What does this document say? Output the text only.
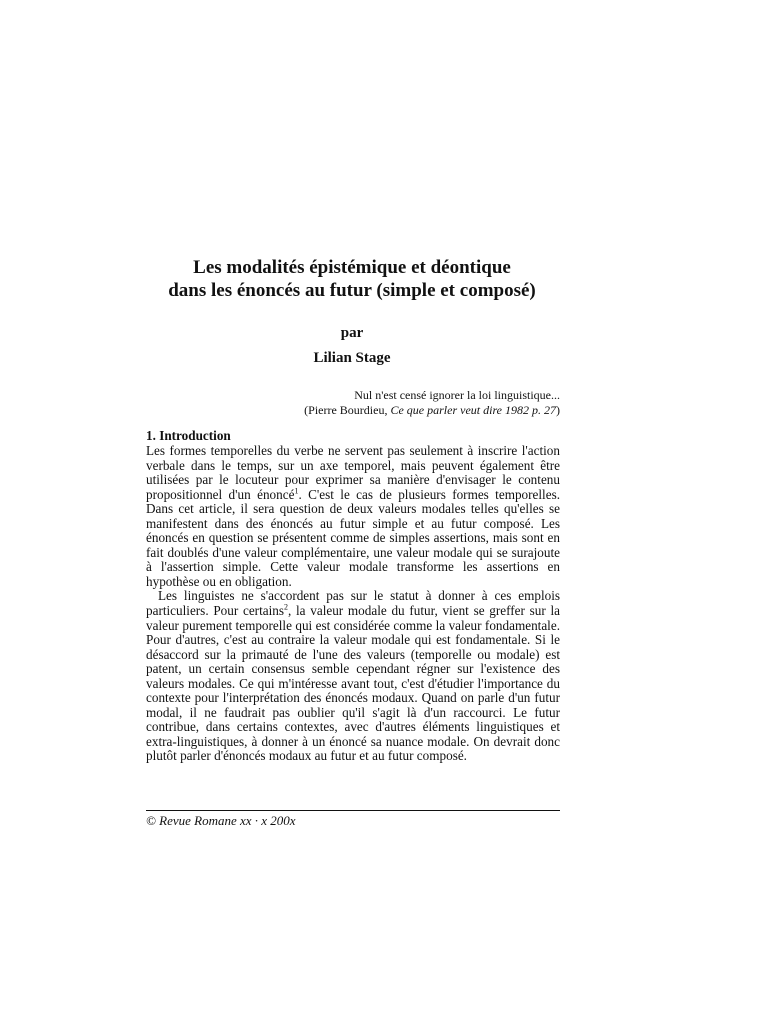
Les modalités épistémique et déontique
dans les énoncés au futur (simple et composé)
par
Lilian Stage
Nul n'est censé ignorer la loi linguistique...
(Pierre Bourdieu, Ce que parler veut dire 1982 p. 27)
1. Introduction

Les formes temporelles du verbe ne servent pas seulement à inscrire l'action verbale dans le temps, sur un axe temporel, mais peuvent également être utilisées par le locuteur pour exprimer sa manière d'envisager le contenu propositionnel d'un énoncé$^1$. C'est le cas de plusieurs formes temporelles. Dans cet article, il sera question de deux valeurs modales telles qu'elles se manifestent dans des énoncés au futur simple et au futur composé. Les énoncés en question se présentent comme de simples assertions, mais sont en fait doublés d'une valeur complémentaire, une valeur modale qui se surajoute à l'assertion simple. Cette valeur modale transforme les assertions en hypothèse ou en obligation.

Les linguistes ne s'accordent pas sur le statut à donner à ces emplois particuliers. Pour certains$^2$, la valeur modale du futur, vient se greffer sur la valeur purement temporelle qui est considérée comme la valeur fondamentale. Pour d'autres, c'est au contraire la valeur modale qui est fondamentale. Si le désaccord sur la primauté de l'une des valeurs (temporelle ou modale) est patent, un certain consensus semble cependant régner sur l'existence des valeurs modales. Ce qui m'intéresse avant tout, c'est d'étudier l'importance du contexte pour l'interprétation des énoncés modaux. Quand on parle d'un futur modal, il ne faudrait pas oublier qu'il s'agit là d'un raccourci. Le futur contribue, dans certains contextes, avec d'autres éléments linguistiques et extra-linguistiques, à donner à un énoncé sa nuance modale. On devrait donc plutôt parler d'énoncés modaux au futur et au futur composé.

© Revue Romane xx · x 200x
